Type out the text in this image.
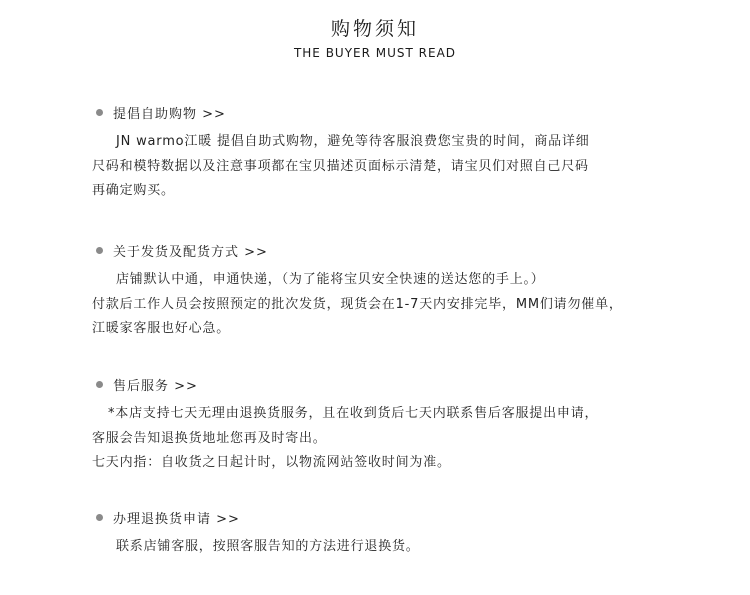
购物须知
THE BUYER MUST READ
提倡自助购物 >>
JN warmo江暖 提倡自助式购物，避免等待客服浪费您宝贵的时间，商品详细
尺码和模特数据以及注意事项都在宝贝描述页面标示清楚，请宝贝们对照自己尺码
再确定购买。
关于发货及配货方式 >>
店铺默认中通，申通快递，（为了能将宝贝安全快速的送达您的手上。）
付款后工作人员会按照预定的批次发货，现货会在1-7天内安排完毕，MM们请勿催单，
江暖家客服也好心急。
售后服务 >>
*本店支持七天无理由退换货服务，且在收到货后七天内联系售后客服提出申请，
客服会告知退换货地址您再及时寄出。
七天内指：自收货之日起计时，以物流网站签收时间为准。
办理退换货申请 >>
联系店铺客服，按照客服告知的方法进行退换货。
